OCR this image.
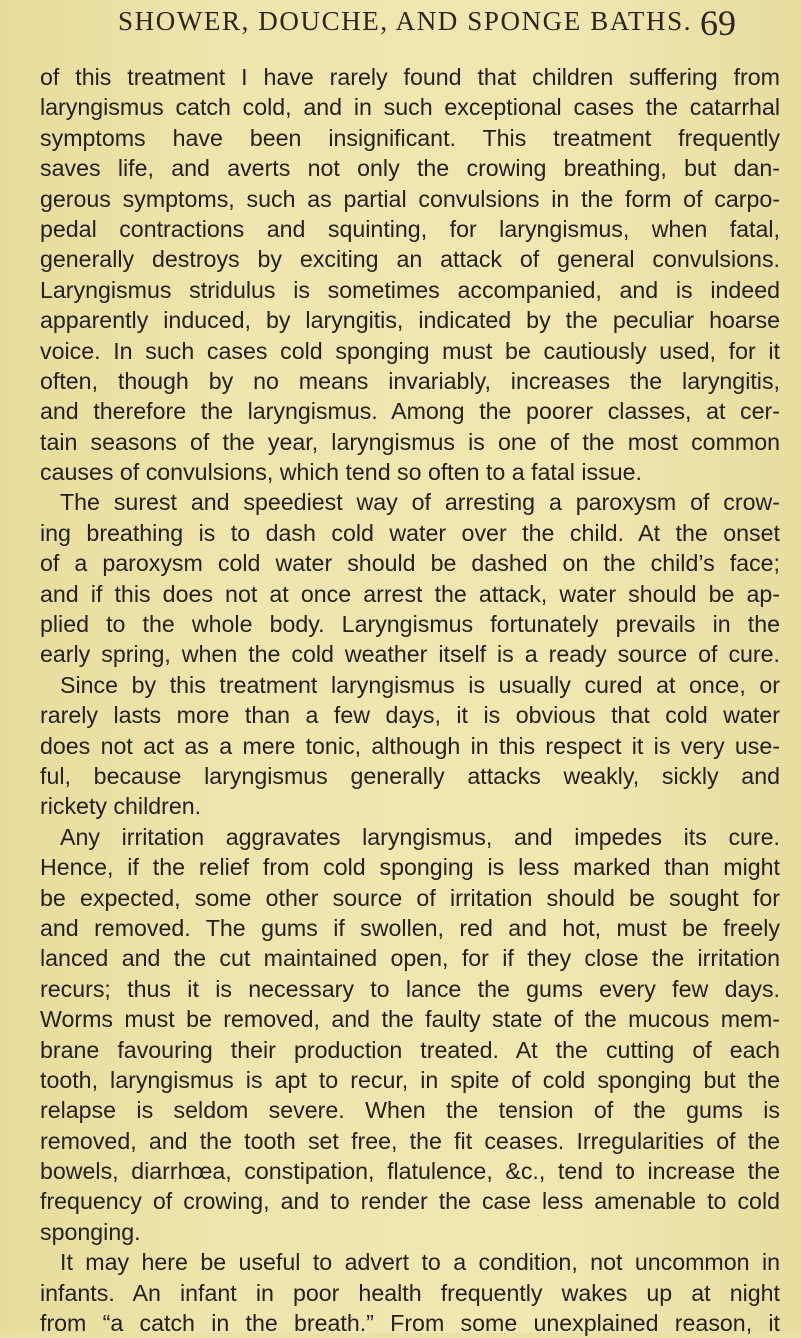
SHOWER, DOUCHE, AND SPONGE BATHS. 69
of this treatment I have rarely found that children suffering from
laryngismus catch cold, and in such exceptional cases the catarrhal
symptoms have been insignificant. This treatment frequently
saves life, and averts not only the crowing breathing, but dan-
gerous symptoms, such as partial convulsions in the form of carpo-
pedal contractions and squinting, for laryngismus, when fatal,
generally destroys by exciting an attack of general convulsions.
Laryngismus stridulus is sometimes accompanied, and is indeed
apparently induced, by laryngitis, indicated by the peculiar hoarse
voice. In such cases cold sponging must be cautiously used, for it
often, though by no means invariably, increases the laryngitis,
and therefore the laryngismus. Among the poorer classes, at cer-
tain seasons of the year, laryngismus is one of the most common
causes of convulsions, which tend so often to a fatal issue.
The surest and speediest way of arresting a paroxysm of crow-
ing breathing is to dash cold water over the child. At the onset
of a paroxysm cold water should be dashed on the child’s face;
and if this does not at once arrest the attack, water should be ap-
plied to the whole body. Laryngismus fortunately prevails in the
early spring, when the cold weather itself is a ready source of cure.
Since by this treatment laryngismus is usually cured at once, or
rarely lasts more than a few days, it is obvious that cold water
does not act as a mere tonic, although in this respect it is very use-
ful, because laryngismus generally attacks weakly, sickly and
rickety children.
Any irritation aggravates laryngismus, and impedes its cure.
Hence, if the relief from cold sponging is less marked than might
be expected, some other source of irritation should be sought for
and removed. The gums if swollen, red and hot, must be freely
lanced and the cut maintained open, for if they close the irritation
recurs; thus it is necessary to lance the gums every few days.
Worms must be removed, and the faulty state of the mucous mem-
brane favouring their production treated. At the cutting of each
tooth, laryngismus is apt to recur, in spite of cold sponging but the
relapse is seldom severe. When the tension of the gums is
removed, and the tooth set free, the fit ceases. Irregularities of the
bowels, diarrhœa, constipation, flatulence, &c., tend to increase the
frequency of crowing, and to render the case less amenable to cold
sponging.
It may here be useful to advert to a condition, not uncommon in
infants. An infant in poor health frequently wakes up at night
from “a catch in the breath.” From some unexplained reason, it
